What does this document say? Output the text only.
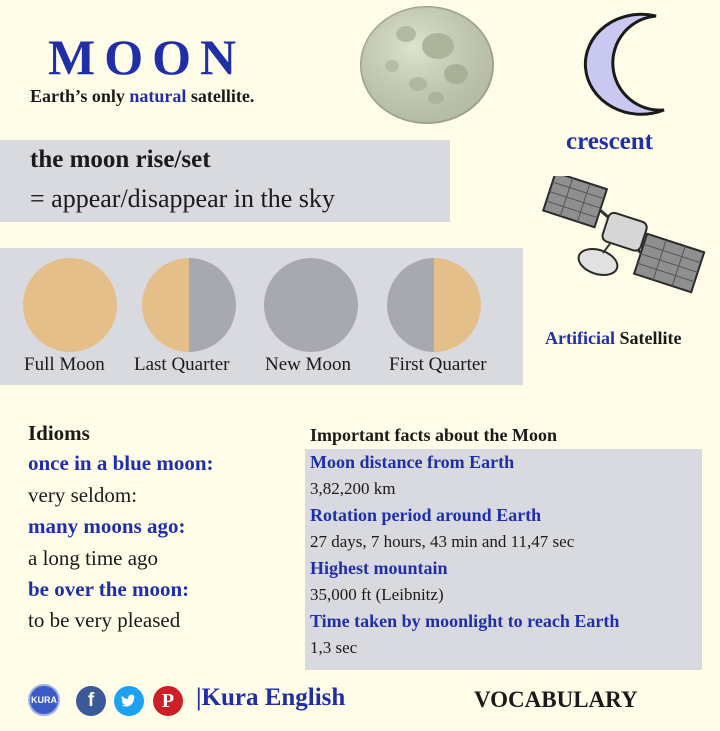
MOON
Earth’s only natural satellite.
crescent
Artificial Satellite
the moon rise/set
= appear/disappear in the sky
Full Moon Last Quarter New Moon First Quarter
Idioms
once in a blue moon:
very seldom:
many moons ago:
a long time ago
be over the moon:
to be very pleased
Important facts about the Moon
Moon distance from Earth
3,82,200 km
Rotation period around Earth
27 days, 7 hours, 43 min and 11,47 sec
Highest mountain
35,000 ft (Leibnitz)
Time taken by moonlight to reach Earth
1,3 sec
KURA	f	P |Kura English	VOCABULARY
